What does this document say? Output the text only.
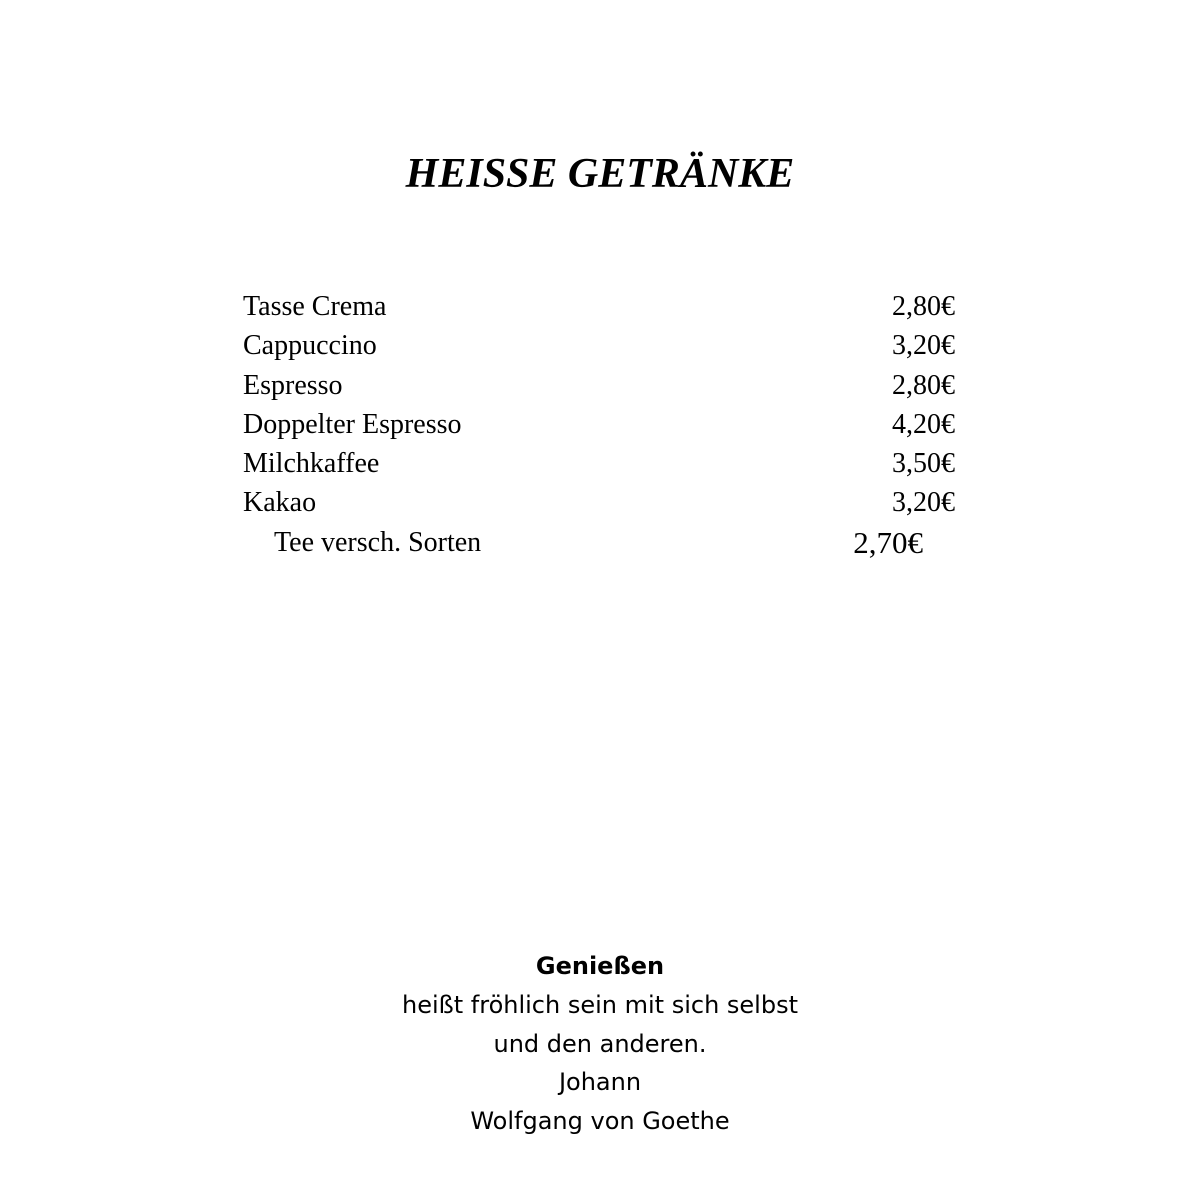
HEISSE GETRÄNKE
Tasse Crema	2,80€
Cappuccino	3,20€
Espresso	2,80€
Doppelter Espresso	4,20€
Milchkaffee	3,50€
Kakao	3,20€
Tee versch. Sorten	2,70€
Genießen
heißt fröhlich sein mit sich selbst
und den anderen.
Johann
Wolfgang von Goethe
